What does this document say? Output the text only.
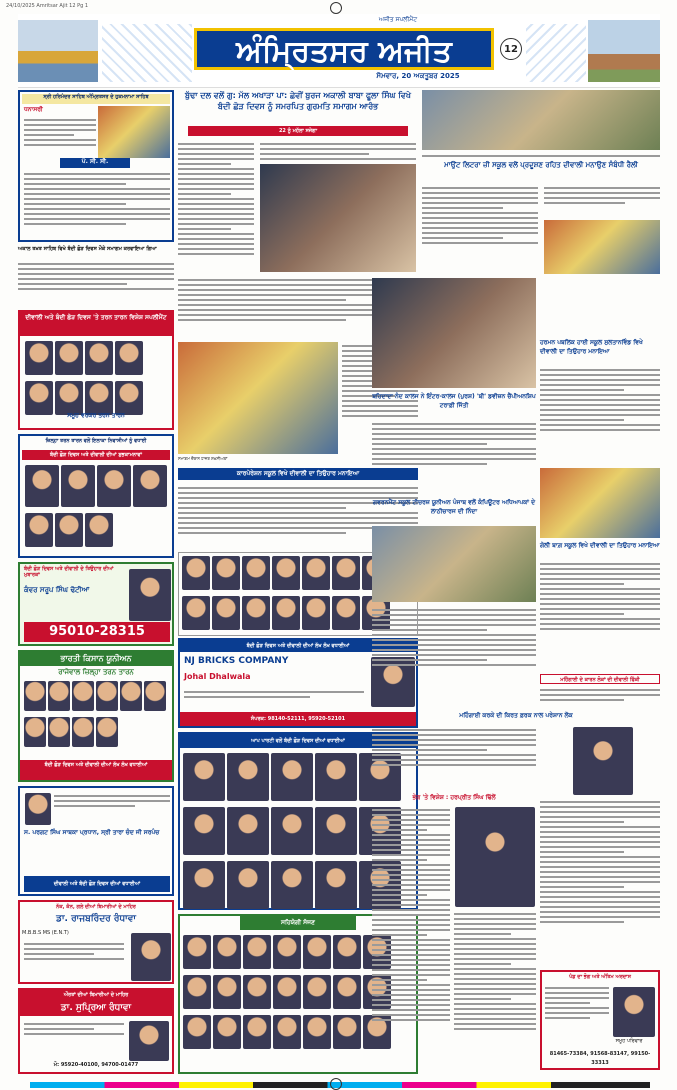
24/10/2025 Amritsar Ajit 12 Pg 1
ਅੰਮ੍ਰਿਤਸਰ ਅਜੀਤ
ਅਜੀਤ ਸਪਲੀਮੈਂਟ
ਸੋਮਵਾਰ, 20 ਅਕਤੂਬਰ 2025
12
ਸ੍ਰੀ ਹਰਿਮੰਦਰ ਸਾਹਿਬ ਅੰਮ੍ਰਿਤਸਰ ਦੇ ਹੁਕਮਨਾਮਾ ਸਾਹਿਬ
ਧਨਾਸਰੀ
ਪੰ. ਸੀ. ਸੀ.
ਅਕਾਲ ਤਖ਼ਤ ਸਾਹਿਬ ਵਿਖੇ ਬੰਦੀ ਛੋੜ ਦਿਵਸ ਮੌਕੇ ਸਮਾਗਮ ਕਰਵਾਇਆ ਗਿਆ
ਦੀਵਾਲੀ ਅਤੇ ਬੰਦੀ ਛੋੜ ਦਿਵਸ 'ਤੇ ਤਰਨ ਤਾਰਨ ਵਿਸ਼ੇਸ਼ ਸਪਲੀਮੈਂਟ
ਸਮੂਹ ਵਰਕਰ ਤਰਨ ਤਾਰਨ
ਜ਼ਿਲ੍ਹਾ ਤਰਨ ਤਾਰਨ ਵਲੋਂ ਇਲਾਕਾ ਨਿਵਾਸੀਆਂ ਨੂੰ ਵਧਾਈ
ਬੰਦੀ ਛੋੜ ਦਿਵਸ ਅਤੇ ਦੀਵਾਲੀ ਦੀਆਂ ਸ਼ੁਭਕਾਮਨਾਵਾਂ
ਬੰਦੀ ਛੋੜ ਦਿਵਸ ਅਤੇ ਦੀਵਾਲੀ ਦੇ ਤਿਉਹਾਰ ਦੀਆਂ ਮੁਬਾਰਕਾਂ
ਕੰਵਰ ਸਰੂਪ ਸਿੰਘ ਢੋਟੀਆਂ
95010-28315
ਭਾਰਤੀ ਕਿਸਾਨ ਯੂਨੀਅਨ
ਰਾਜੇਵਾਲ ਜ਼ਿਲ੍ਹਾ ਤਰਨ ਤਾਰਨ
ਬੰਦੀ ਛੋੜ ਦਿਵਸ ਅਤੇ ਦੀਵਾਲੀ ਦੀਆਂ ਲੱਖ ਲੱਖ ਵਧਾਈਆਂ
ਸ. ਪਰਗਟ ਸਿੰਘ ਸਾਬਕਾ ਪ੍ਰਧਾਨ, ਸ੍ਰੀ ਤਾਰਾ ਚੰਦ ਜੀ ਸਰਪੰਚ
ਦੀਵਾਲੀ ਅਤੇ ਬੰਦੀ ਛੋੜ ਦਿਵਸ ਦੀਆਂ ਵਧਾਈਆਂ
ਨੱਕ, ਕੰਨ, ਗਲੇ ਦੀਆਂ ਬਿਮਾਰੀਆਂ ਦੇ ਮਾਹਿਰ
ਡਾ. ਰਾਜਬਰਿੰਦਰ ਰੰਧਾਵਾ
M.B.B.S MS (E.N.T)
ਔਰਤਾਂ ਦੀਆਂ ਬਿਮਾਰੀਆਂ ਦੇ ਮਾਹਿਰ
ਡਾ. ਸੁਪ੍ਰਿਆ ਰੰਧਾਵਾ
ਮੋ: 95920-40100, 94700-01477
ਬੁੱਢਾ ਦਲ ਵਲੋਂ ਗੁ: ਮੱਲ ਅਖਾੜਾ ਪਾ: ਛੇਵੀਂ ਬੁਰਜ ਅਕਾਲੀ ਬਾਬਾ ਫੂਲਾ ਸਿੰਘ ਵਿਖੇ ਬੰਦੀ ਛੋੜ ਦਿਵਸ ਨੂੰ ਸਮਰਪਿਤ ਗੁਰਮਤਿ ਸਮਾਗਮ ਆਰੰਭ
22 ਨੂੰ ਮਹੱਲਾ ਸਜੇਗਾ
ਸਮਾਗਮ ਦੌਰਾਨ ਹਾਜ਼ਰ ਸ਼ਖ਼ਸੀਅਤਾਂ
ਕਾਰਪੋਰੇਸ਼ਨ ਸਕੂਲ ਵਿਖੇ ਦੀਵਾਲੀ ਦਾ ਤਿਉਹਾਰ ਮਨਾਇਆ
ਬੰਦੀ ਛੋੜ ਦਿਵਸ ਅਤੇ ਦੀਵਾਲੀ ਦੀਆਂ ਲੱਖ ਲੱਖ ਵਧਾਈਆਂ
NJ BRICKS COMPANY
Johal Dhalwala
ਸੰਪਰਕ: 98140-52111, 95920-52101
ਆਪ ਪਾਰਟੀ ਵਲੋਂ ਬੰਦੀ ਛੋੜ ਦਿਵਸ ਦੀਆਂ ਵਧਾਈਆਂ
ਸਹਿਯੋਗੀ ਸੱਜਣ
ਮਾਉਂਟ ਲਿਟਰਾ ਜ਼ੀ ਸਕੂਲ ਵਲੋਂ ਪ੍ਰਦੂਸ਼ਣ ਰਹਿਤ ਦੀਵਾਲੀ ਮਨਾਉਣ ਸੰਬੰਧੀ ਰੈਲੀ
ਹਰਮਨ ਪਬਲਿਕ ਹਾਈ ਸਕੂਲ ਸੁਲਤਾਨਵਿੰਡ ਵਿਖੇ ਦੀਵਾਲੀ ਦਾ ਤਿਉਹਾਰ ਮਨਾਇਆ
ਬਹਿਦਾਦਾ ਨੰਦ ਕਾਲਜ ਨੇ ਇੰਟਰ-ਕਾਲਜ (ਪੁਰਸ਼) 'ਬੀ' ਡਵੀਜ਼ਨ ਚੈਂਪੀਅਨਸ਼ਿਪ ਟਰਾਫ਼ੀ ਜਿੱਤੀ
ਗਵਰਨਮੈਂਟ ਸਕੂਲ ਟੀਚਰਜ਼ ਯੂਨੀਅਨ ਪੰਜਾਬ ਵਲੋਂ ਕੰਪਿਊਟਰ ਅਧਿਆਪਕਾਂ ਦੇ ਲਾਠੀਚਾਰਜ ਦੀ ਨਿੰਦਾ
ਗੋਲੀ ਬਾਗ਼ ਸਕੂਲ ਵਿਖੇ ਦੀਵਾਲੀ ਦਾ ਤਿਉਹਾਰ ਮਨਾਇਆ
ਮਹਿੰਗਾਈ ਦੇ ਕਾਰਨ ਲੋਕਾਂ ਦੀ ਦੀਵਾਲੀ ਫਿੱਕੀ
ਮਹਿੰਗਾਈ ਕਰਕੇ ਦੀ ਕਿਰਤ ਫ਼ਰਕ ਨਾਲ ਪਰੇਸ਼ਾਨ ਲੋਕ
ਭੇਗ 'ਤੇ ਵਿਸ਼ੇਸ਼ : ਹਰਪ੍ਰੀਤ ਸਿੰਘ ਢਿੱਲੋਂ
ਪੰਡ ਦਾ ਭੋਗ ਅਤੇ ਅੰਤਿਮ ਅਰਦਾਸ
ਸਮੂਹ ਪਰਿਵਾਰ
81465-73384, 91568-83147, 99150-33313
